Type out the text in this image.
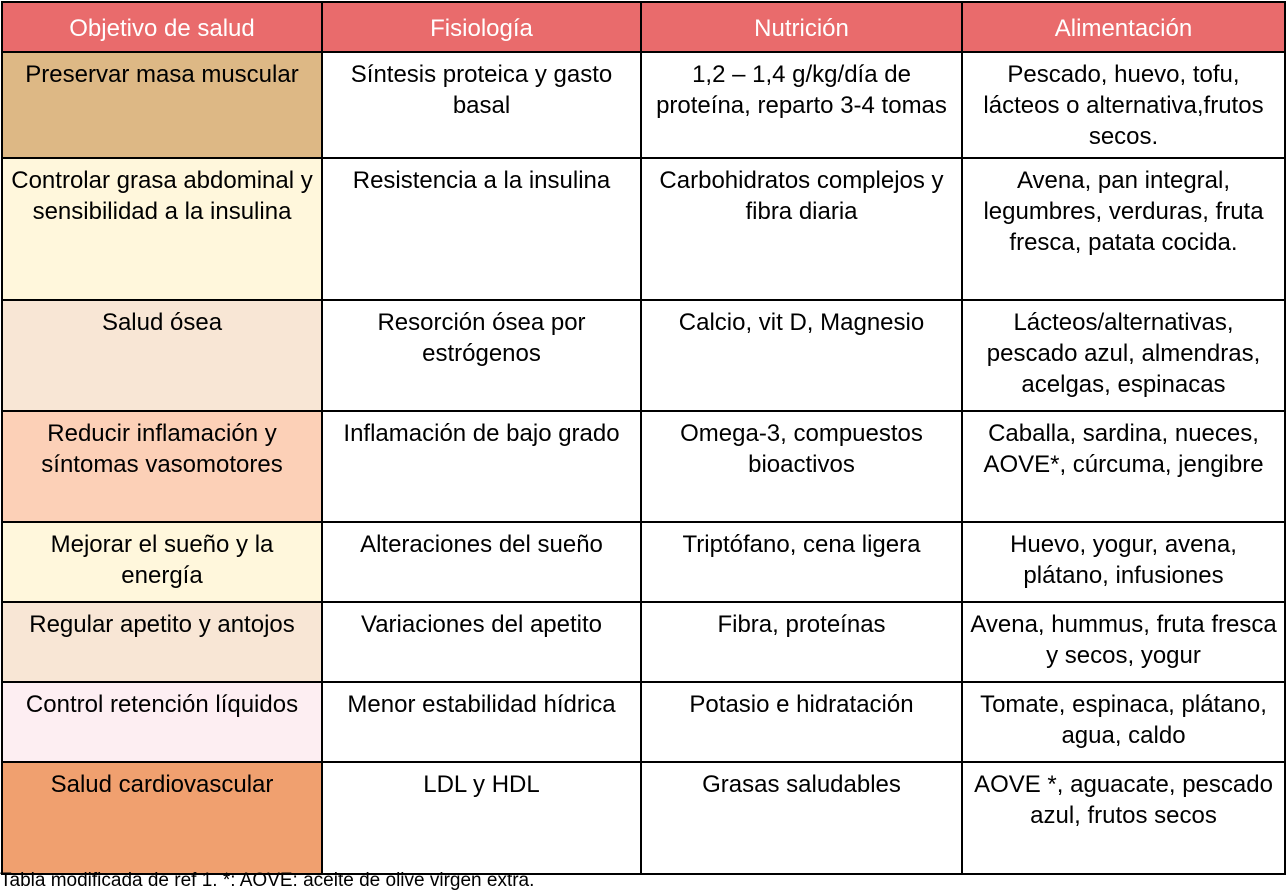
Objetivo de salud	Fisiología	Nutrición	Alimentación
Preservar masa muscular	Síntesis proteica y gasto basal	1,2 – 1,4 g/kg/día de proteína, reparto 3-4 tomas	Pescado, huevo, tofu, lácteos o alternativa,frutos secos.
Controlar grasa abdominal y sensibilidad a la insulina	Resistencia a la insulina	Carbohidratos complejos y fibra diaria	Avena, pan integral, legumbres, verduras, fruta fresca, patata cocida.
Salud ósea	Resorción ósea por estrógenos	Calcio, vit D, Magnesio	Lácteos/alternativas, pescado azul, almendras, acelgas, espinacas
Reducir inflamación y síntomas vasomotores	Inflamación de bajo grado	Omega-3, compuestos bioactivos	Caballa, sardina, nueces, AOVE*, cúrcuma, jengibre
Mejorar el sueño y la energía	Alteraciones del sueño	Triptófano, cena ligera	Huevo, yogur, avena, plátano, infusiones
Regular apetito y antojos	Variaciones del apetito	Fibra, proteínas	Avena, hummus, fruta fresca y secos, yogur
Control retención líquidos	Menor estabilidad hídrica	Potasio e hidratación	Tomate, espinaca, plátano, agua, caldo
Salud cardiovascular	LDL y HDL	Grasas saludables	AOVE *, aguacate, pescado azul, frutos secos
Tabla modificada de ref 1. *: AOVE: aceite de olive virgen extra.
